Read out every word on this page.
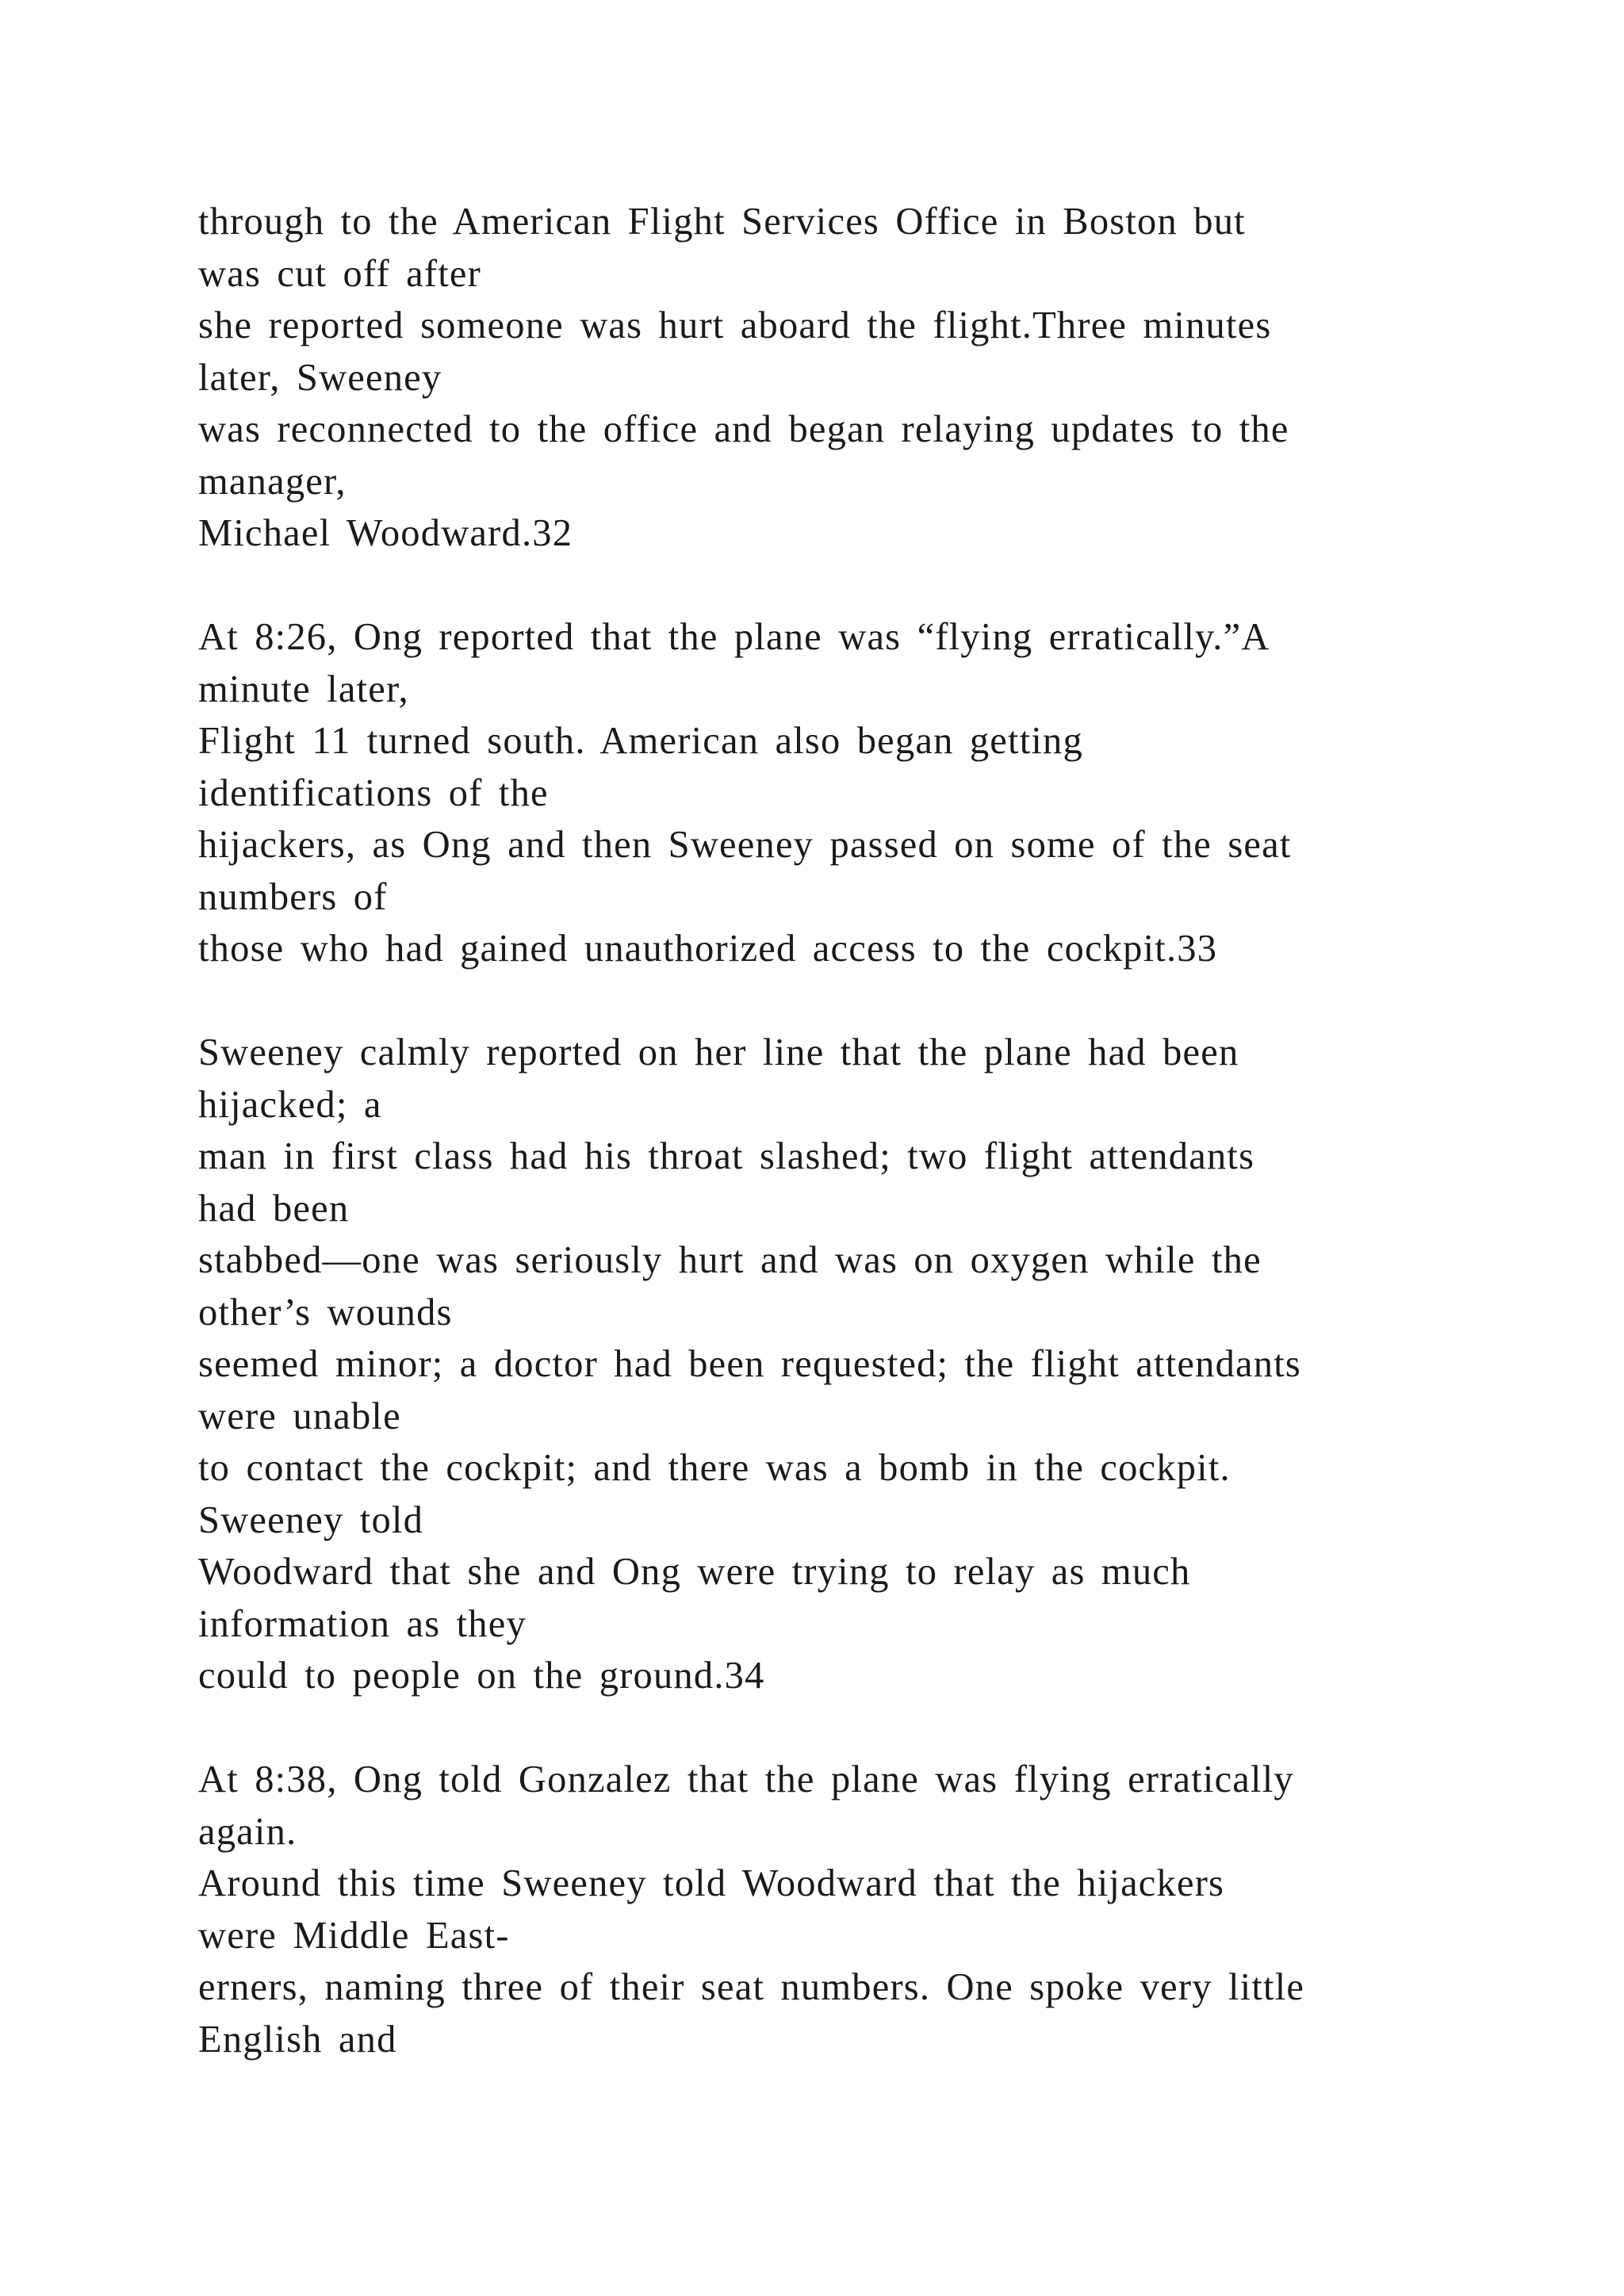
through to the American Flight Services Office in Boston but
was cut off after
she reported someone was hurt aboard the flight.Three minutes
later, Sweeney
was reconnected to the office and began relaying updates to the
manager,
Michael Woodward.32
At 8:26, Ong reported that the plane was “flying erratically.”A
minute later,
Flight 11 turned south. American also began getting
identifications of the
hijackers, as Ong and then Sweeney passed on some of the seat
numbers of
those who had gained unauthorized access to the cockpit.33
Sweeney calmly reported on her line that the plane had been
hijacked; a
man in first class had his throat slashed; two flight attendants
had been
stabbed—one was seriously hurt and was on oxygen while the
other’s wounds
seemed minor; a doctor had been requested; the flight attendants
were unable
to contact the cockpit; and there was a bomb in the cockpit.
Sweeney told
Woodward that she and Ong were trying to relay as much
information as they
could to people on the ground.34
At 8:38, Ong told Gonzalez that the plane was flying erratically
again.
Around this time Sweeney told Woodward that the hijackers
were Middle East-
erners, naming three of their seat numbers. One spoke very little
English and
